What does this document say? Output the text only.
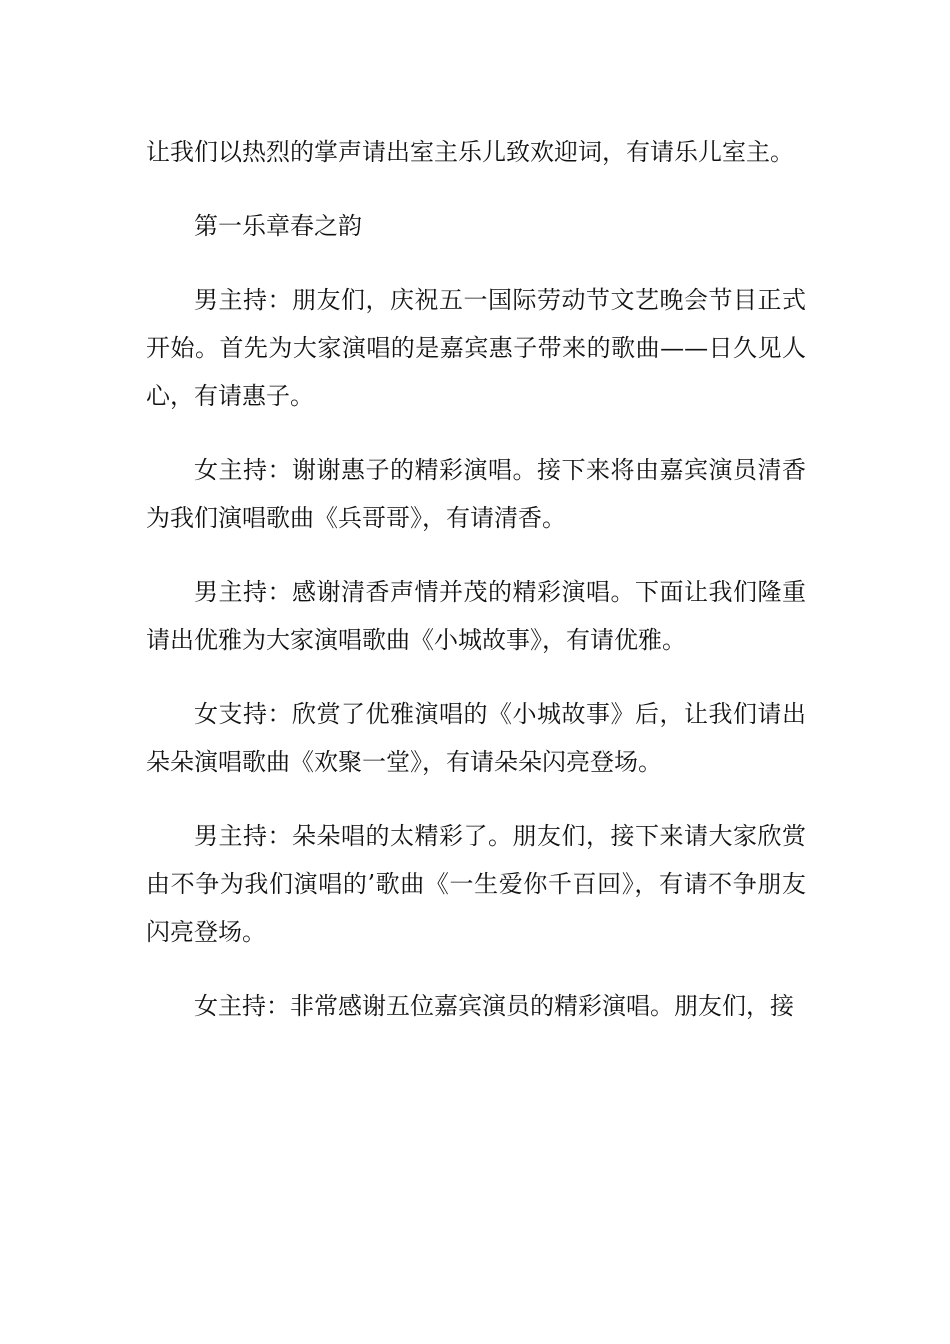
让我们以热烈的掌声请出室主乐儿致欢迎词，有请乐儿室主。

第一乐章春之韵

男主持：朋友们，庆祝五一国际劳动节文艺晚会节目正式开始。首先为大家演唱的是嘉宾惠子带来的歌曲——日久见人心，有请惠子。

女主持：谢谢惠子的精彩演唱。接下来将由嘉宾演员清香为我们演唱歌曲《兵哥哥》，有请清香。

男主持：感谢清香声情并茂的精彩演唱。下面让我们隆重请出优雅为大家演唱歌曲《小城故事》，有请优雅。

女支持：欣赏了优雅演唱的《小城故事》后，让我们请出朵朵演唱歌曲《欢聚一堂》，有请朵朵闪亮登场。

男主持：朵朵唱的太精彩了。朋友们，接下来请大家欣赏由不争为我们演唱的’歌曲《一生爱你千百回》，有请不争朋友闪亮登场。

女主持：非常感谢五位嘉宾演员的精彩演唱。朋友们，接
